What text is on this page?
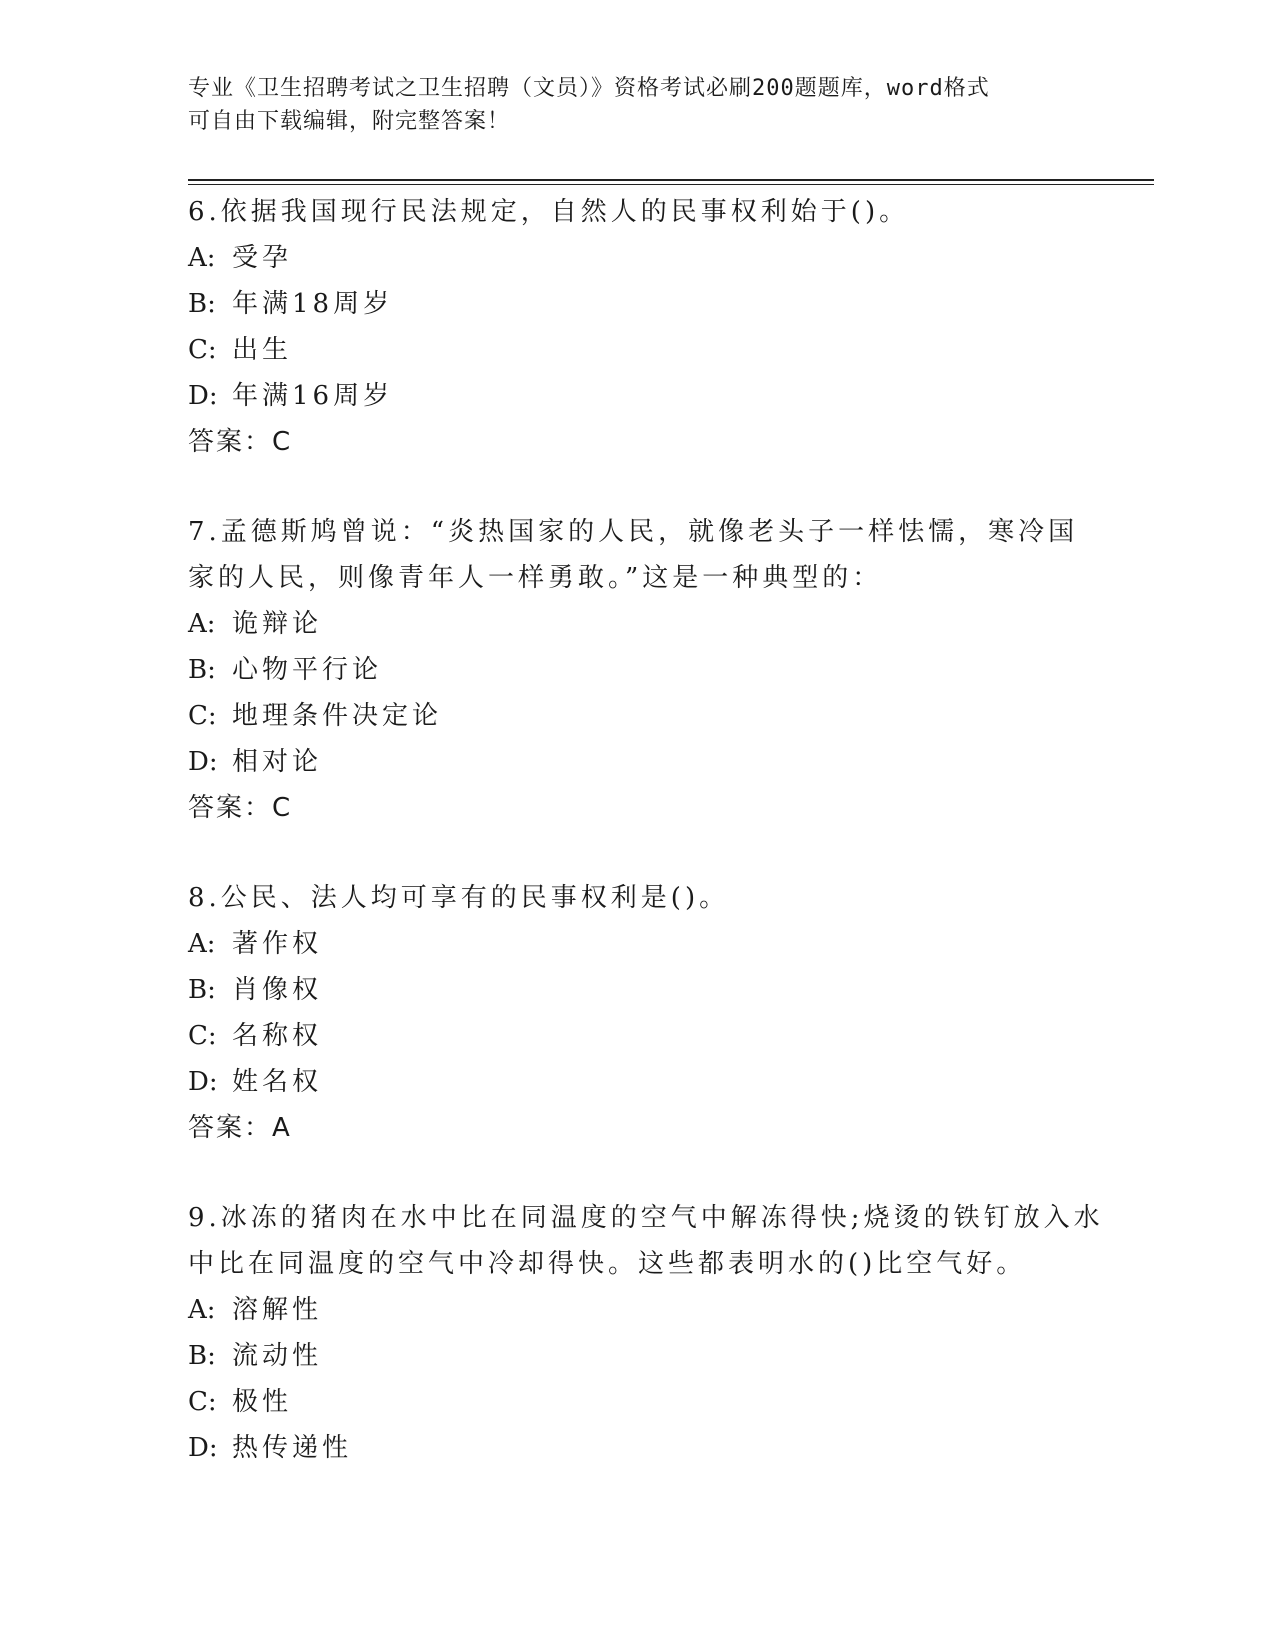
专业《卫生招聘考试之卫生招聘（文员）》资格考试必刷200题题库，word格式
可自由下载编辑，附完整答案！
6.依据我国现行民法规定，自然人的民事权利始于()。
A: 受孕
B: 年满18周岁
C: 出生
D: 年满16周岁
答案：C
7.孟德斯鸠曾说：“炎热国家的人民，就像老头子一样怯懦，寒冷国
家的人民，则像青年人一样勇敢。”这是一种典型的：
A: 诡辩论
B: 心物平行论
C: 地理条件决定论
D: 相对论
答案：C
8.公民、法人均可享有的民事权利是()。
A: 著作权
B: 肖像权
C: 名称权
D: 姓名权
答案：A
9.冰冻的猪肉在水中比在同温度的空气中解冻得快;烧烫的铁钉放入水
中比在同温度的空气中冷却得快。这些都表明水的()比空气好。
A: 溶解性
B: 流动性
C: 极性
D: 热传递性
